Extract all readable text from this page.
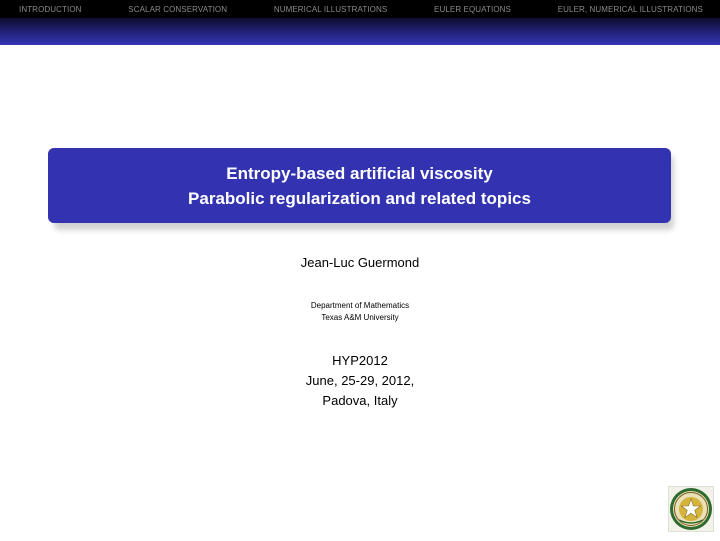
INTRODUCTION	SCALAR CONSERVATION	NUMERICAL ILLUSTRATIONS	EULER EQUATIONS	EULER, NUMERICAL ILLUSTRATIONS
Entropy-based artificial viscosity
Parabolic regularization and related topics
Jean-Luc Guermond
Department of Mathematics
Texas A&M University
HYP2012
June, 25-29, 2012,
Padova, Italy
